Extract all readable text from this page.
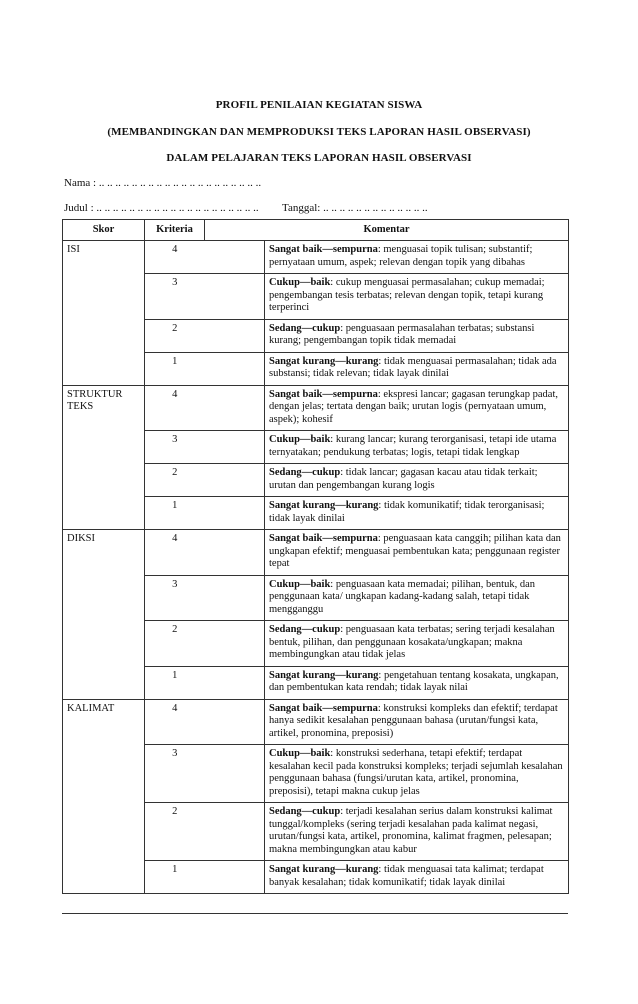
PROFIL PENILAIAN KEGIATAN SISWA
(MEMBANDINGKAN DAN MEMPRODUKSI TEKS LAPORAN HASIL OBSERVASI)
DALAM PELAJARAN TEKS LAPORAN HASIL OBSERVASI
Nama : .. .. .. .. .. .. .. .. .. .. .. .. .. .. .. .. .. .. .. ..
Judul : .. .. .. .. .. .. .. .. .. .. .. .. .. .. .. .. .. .. .. .. Tanggal: .. .. .. .. .. .. .. .. .. .. .. .. ..
Skor	Kriteria	Komentar	
ISI	4		Sangat baik—sempurna: menguasai topik tulisan; substantif; pernyataan umum, aspek; relevan dengan topik yang dibahas
	3		Cukup—baik: cukup menguasai permasalahan; cukup memadai; pengembangan tesis terbatas; relevan dengan topik, tetapi kurang terperinci
	2		Sedang—cukup: penguasaan permasalahan terbatas; substansi kurang; pengembangan topik tidak memadai
	1		Sangat kurang—kurang: tidak menguasai permasalahan; tidak ada substansi; tidak relevan; tidak layak dinilai
STRUKTUR TEKS	4		Sangat baik—sempurna: ekspresi lancar; gagasan terungkap padat, dengan jelas; tertata dengan baik; urutan logis (pernyataan umum, aspek); kohesif
	3		Cukup—baik: kurang lancar; kurang terorganisasi, tetapi ide utama ternyatakan; pendukung terbatas; logis, tetapi tidak lengkap
	2		Sedang—cukup: tidak lancar; gagasan kacau atau tidak terkait; urutan dan pengembangan kurang logis
	1		Sangat kurang—kurang: tidak komunikatif; tidak terorganisasi; tidak layak dinilai
DIKSI	4		Sangat baik—sempurna: penguasaan kata canggih; pilihan kata dan ungkapan efektif; menguasai pembentukan kata; penggunaan register tepat
	3		Cukup—baik: penguasaan kata memadai; pilihan, bentuk, dan penggunaan kata/ ungkapan kadang-kadang salah, tetapi tidak mengganggu
	2		Sedang—cukup: penguasaan kata terbatas; sering terjadi kesalahan bentuk, pilihan, dan penggunaan kosakata/ungkapan; makna membingungkan atau tidak jelas
	1		Sangat kurang—kurang: pengetahuan tentang kosakata, ungkapan, dan pembentukan kata rendah; tidak layak nilai
KALIMAT	4		Sangat baik—sempurna: konstruksi kompleks dan efektif; terdapat hanya sedikit kesalahan penggunaan bahasa (urutan/fungsi kata, artikel, pronomina, preposisi)
	3		Cukup—baik: konstruksi sederhana, tetapi efektif; terdapat kesalahan kecil pada konstruksi kompleks; terjadi sejumlah kesalahan penggunaan bahasa (fungsi/urutan kata, artikel, pronomina, preposisi), tetapi makna cukup jelas
	2		Sedang—cukup: terjadi kesalahan serius dalam konstruksi kalimat tunggal/kompleks (sering terjadi kesalahan pada kalimat negasi, urutan/fungsi kata, artikel, pronomina, kalimat fragmen, pelesapan; makna membingungkan atau kabur
	1		Sangat kurang—kurang: tidak menguasai tata kalimat; terdapat banyak kesalahan; tidak komunikatif; tidak layak dinilai
